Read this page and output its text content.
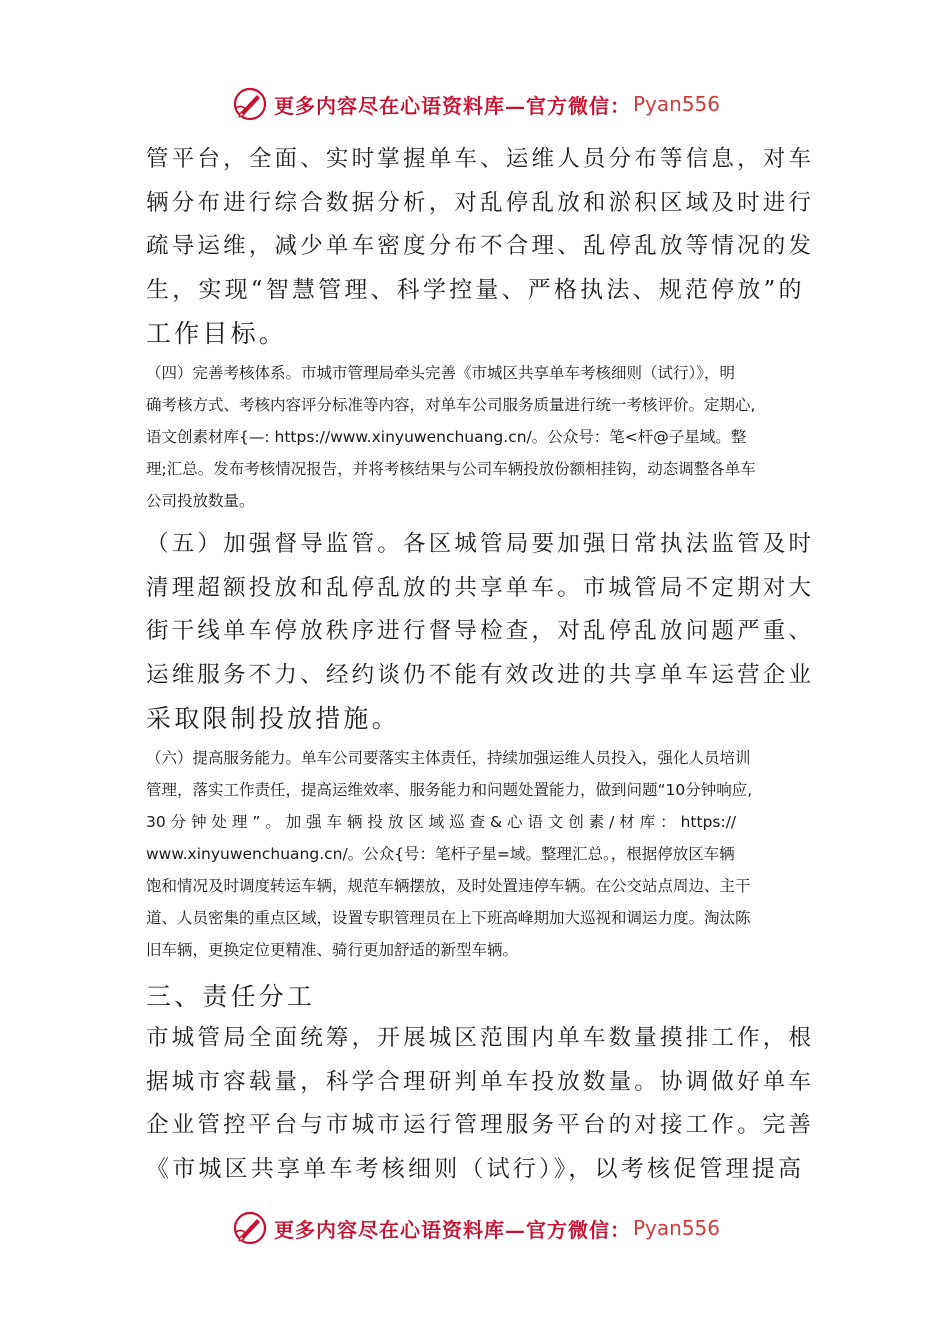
更多内容尽在心语资料库—官方微信： Pyan556
管平台，全面、实时掌握单车、运维人员分布等信息，对车
辆分布进行综合数据分析，对乱停乱放和淤积区域及时进行
疏导运维，减少单车密度分布不合理、乱停乱放等情况的发
生，实现“智慧管理、科学控量、严格执法、规范停放”的
工作目标。
（四）完善考核体系。市城市管理局牵头完善《市城区共享单车考核细则（试行）》，明
确考核方式、考核内容评分标准等内容，对单车公司服务质量进行统一考核评价。定期心,
语文创素材库{—: https://www.xinyuwenchuang.cn/。公众号：笔<杆@子星域。整
理;汇总。发布考核情况报告，并将考核结果与公司车辆投放份额相挂钩，动态调整各单车
公司投放数量。
（五）加强督导监管。各区城管局要加强日常执法监管及时
清理超额投放和乱停乱放的共享单车。市城管局不定期对大
街干线单车停放秩序进行督导检查，对乱停乱放问题严重、
运维服务不力、经约谈仍不能有效改进的共享单车运营企业
采取限制投放措施。
（六）提高服务能力。单车公司要落实主体责任，持续加强运维人员投入，强化人员培训
管理，落实工作责任，提高运维效率、服务能力和问题处置能力，做到问题“10分钟响应,
30 分 钟 处 理 ” 。 加 强 车 辆 投 放 区 域 巡 查 & 心 语 文 创 素 / 材 库 ： https://
www.xinyuwenchuang.cn/。公众{号：笔杆子星=域。整理汇总。，根据停放区车辆
饱和情况及时调度转运车辆，规范车辆摆放，及时处置违停车辆。在公交站点周边、主干
道、人员密集的重点区域，设置专职管理员在上下班高峰期加大巡视和调运力度。淘汰陈
旧车辆，更换定位更精准、骑行更加舒适的新型车辆。
三、责任分工
市城管局全面统筹，开展城区范围内单车数量摸排工作，根
据城市容载量，科学合理研判单车投放数量。协调做好单车
企业管控平台与市城市运行管理服务平台的对接工作。完善
《市城区共享单车考核细则（试行）》，以考核促管理提高
更多内容尽在心语资料库—官方微信： Pyan556
